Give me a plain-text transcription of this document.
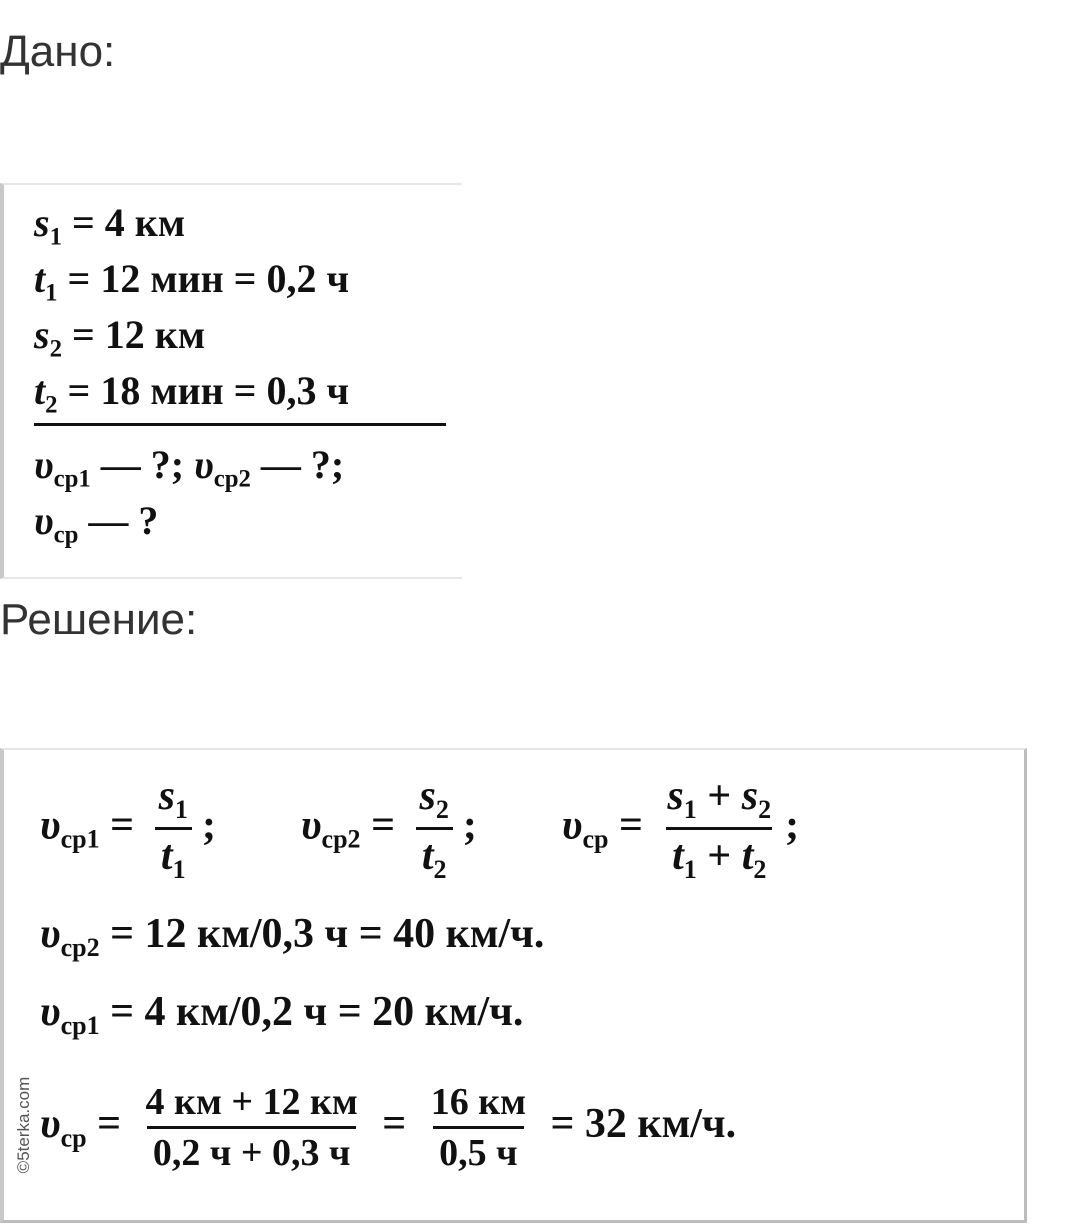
Дано:
$s_1 = 4$ км
$t_1 = 12$ мин = 0,2 ч
$s_2 = 12$ км
$t_2 = 18$ мин = 0,3 ч
$\upsilon_{ср1}$ — ?; $\upsilon_{ср2}$ — ?;
$\upsilon_{ср}$ — ?
Решение:
$\upsilon_{ср1} = \frac{s_1}{t_1}$ ; $\upsilon_{ср2} = \frac{s_2}{t_2}$ ; $\upsilon_{ср} = \frac{s_1 + s_2}{t_1 + t_2}$ ;
$\upsilon_{ср2} = 12$ км/0,3 ч = 40 км/ч.
$\upsilon_{ср1} = 4$ км/0,2 ч = 20 км/ч.
$\upsilon_{ср} = \frac{4 км + 12 км}{0,2 ч + 0,3 ч} = \frac{16 км}{0,5 ч} = 32$ км/ч.
©5terka.com
